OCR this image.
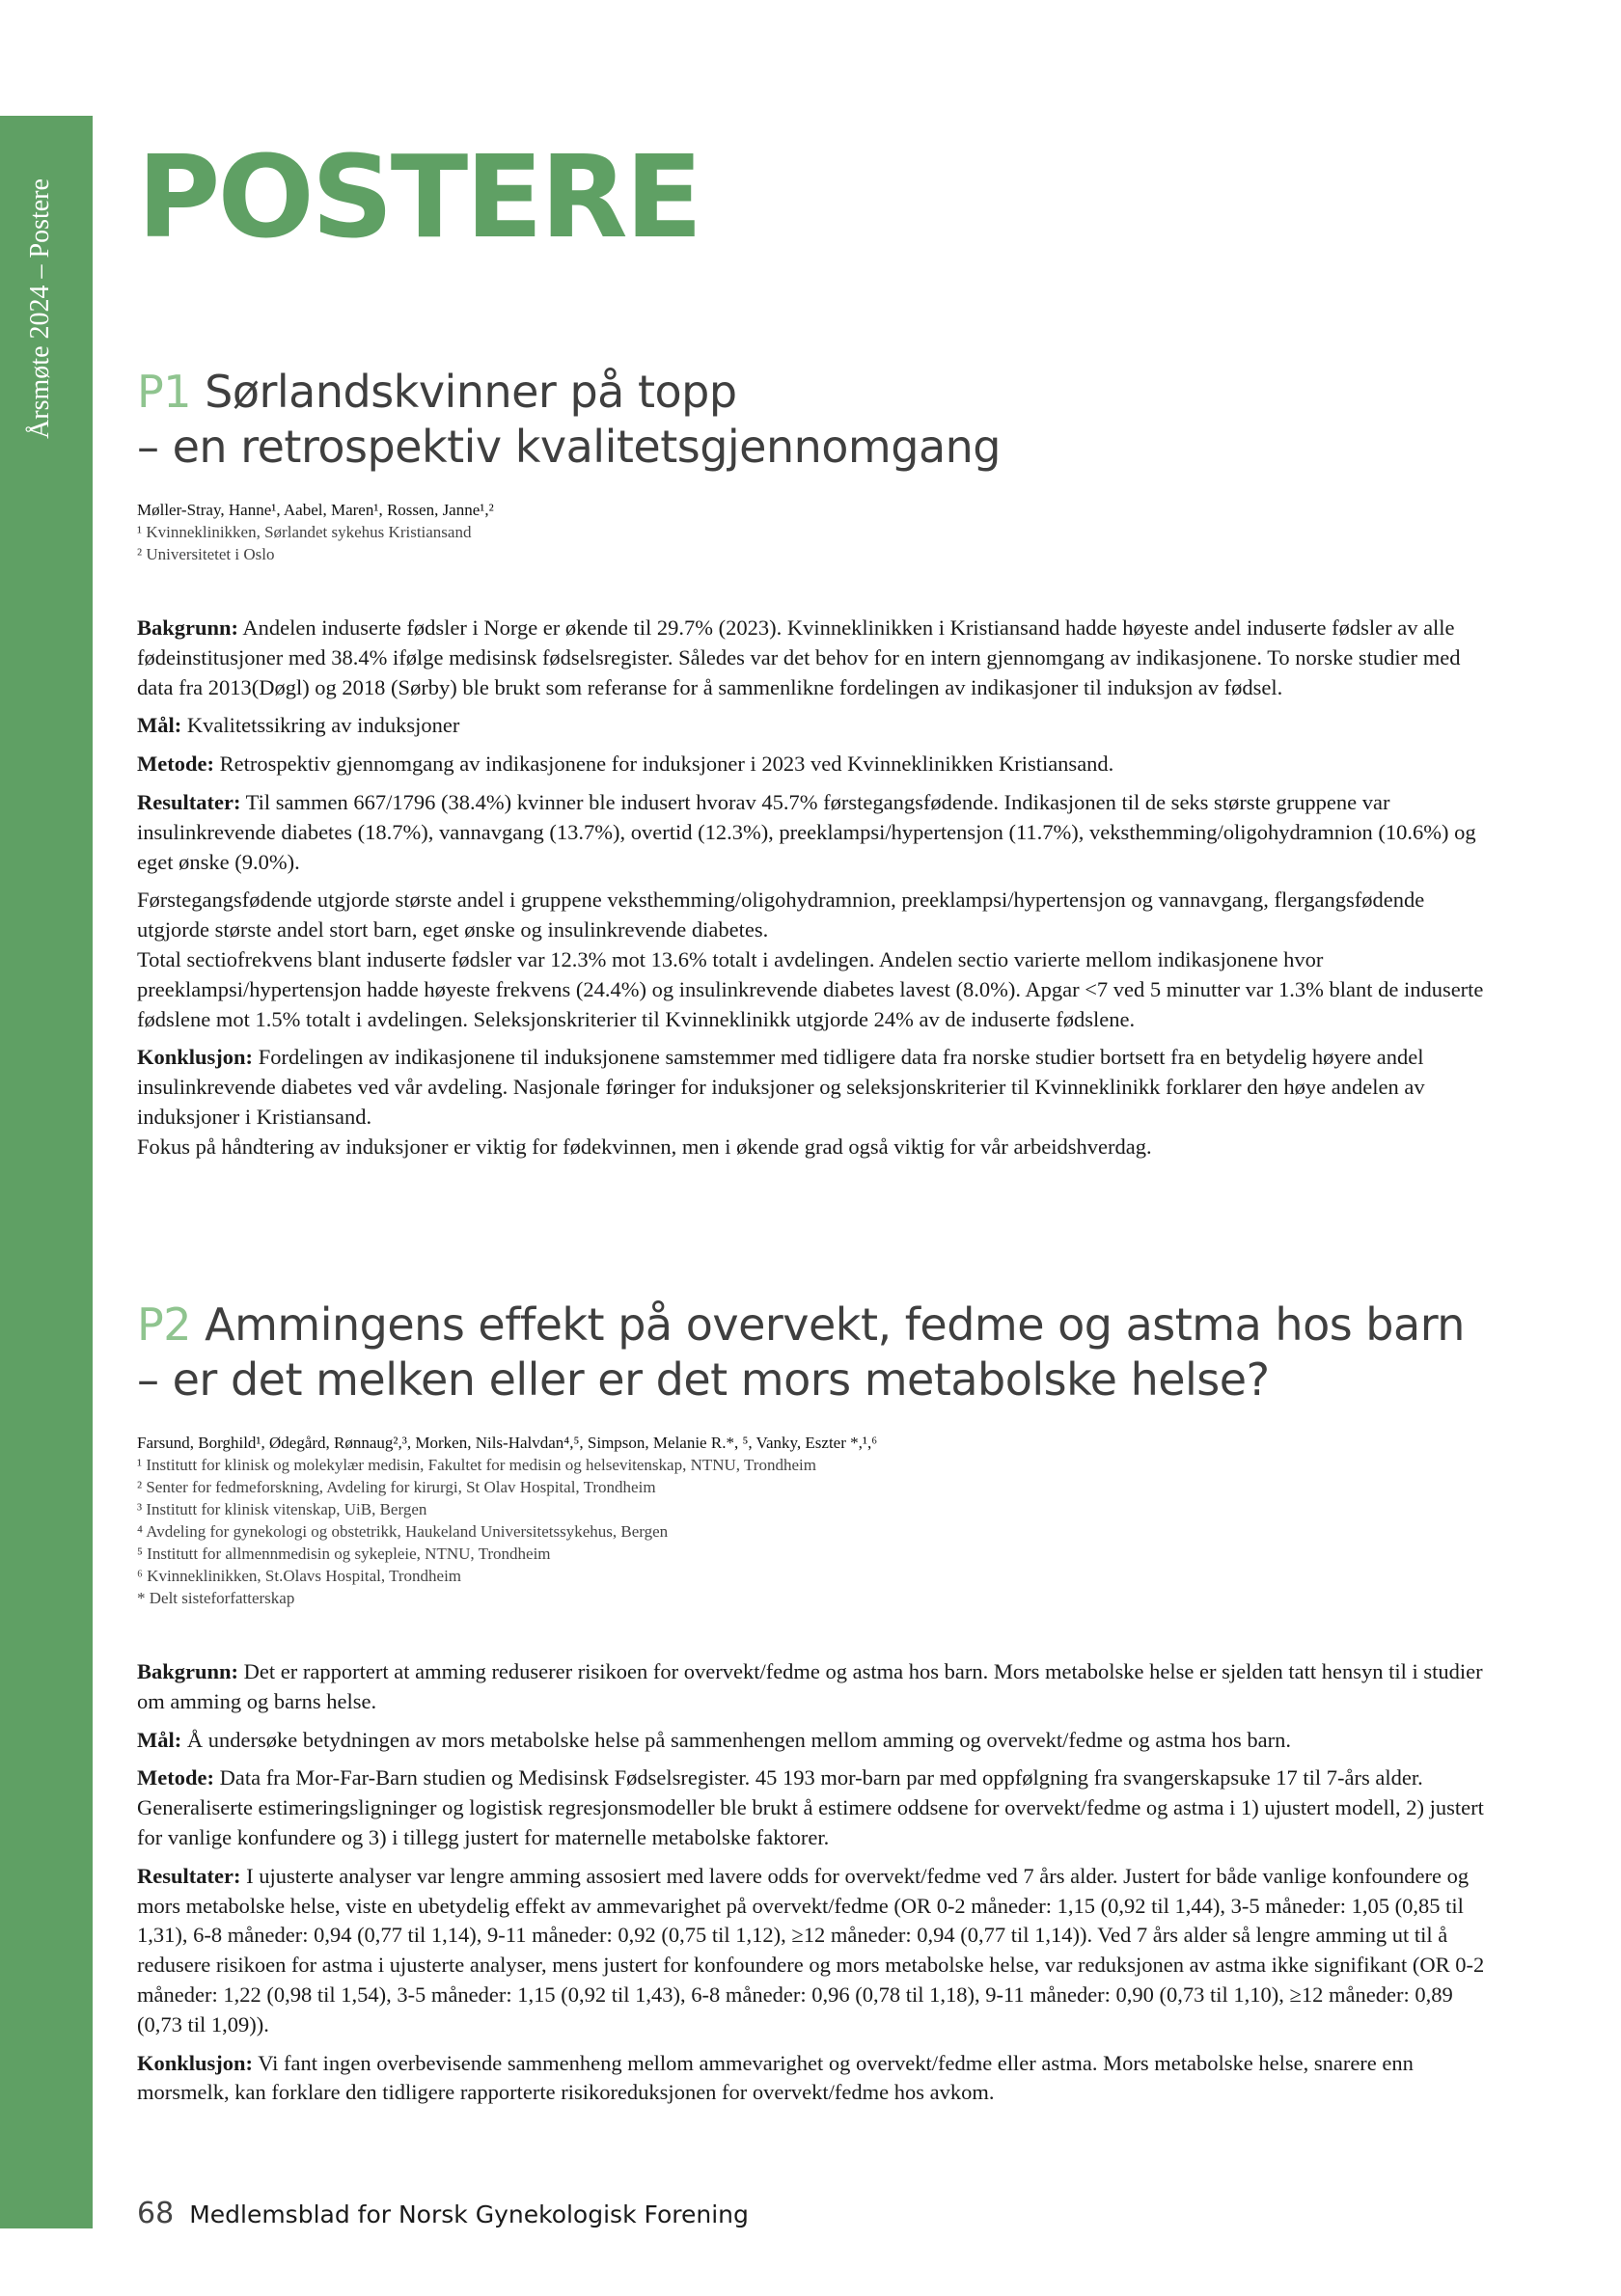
Årsmøte 2024 – Postere POSTERE
P1 Sørlandskvinner på topp
– en retrospektiv kvalitetsgjennomgang
Møller-Stray, Hanne¹, Aabel, Maren¹, Rossen, Janne¹,²
¹ Kvinneklinikken, Sørlandet sykehus Kristiansand
² Universitetet i Oslo

Bakgrunn: Andelen induserte fødsler i Norge er økende til 29.7% (2023). Kvinneklinikken i Kristiansand hadde høyeste andel induserte fødsler av alle fødeinstitusjoner med 38.4% ifølge medisinsk fødselsregister. Således var det behov for en intern gjennomgang av indikasjonene. To norske studier med data fra 2013(Døgl) og 2018 (Sørby) ble brukt som referanse for å sammenlikne fordelingen av indikasjoner til induksjon av fødsel.

Mål: Kvalitetssikring av induksjoner

Metode: Retrospektiv gjennomgang av indikasjonene for induksjoner i 2023 ved Kvinneklinikken Kristiansand.

Resultater: Til sammen 667/1796 (38.4%) kvinner ble indusert hvorav 45.7% førstegangsfødende. Indikasjonen til de seks største gruppene var insulinkrevende diabetes (18.7%), vannavgang (13.7%), overtid (12.3%), preeklampsi/hypertensjon (11.7%), veksthemming/oligohydramnion (10.6%) og eget ønske (9.0%).

Førstegangsfødende utgjorde største andel i gruppene veksthemming/oligohydramnion, preeklampsi/hypertensjon og vannavgang, flergangsfødende utgjorde største andel stort barn, eget ønske og insulinkrevende diabetes.

Total sectiofrekvens blant induserte fødsler var 12.3% mot 13.6% totalt i avdelingen. Andelen sectio varierte mellom indikasjonene hvor preeklampsi/hypertensjon hadde høyeste frekvens (24.4%) og insulinkrevende diabetes lavest (8.0%). Apgar <7 ved 5 minutter var 1.3% blant de induserte fødslene mot 1.5% totalt i avdelingen. Seleksjonskriterier til Kvinneklinikk utgjorde 24% av de induserte fødslene.

Konklusjon: Fordelingen av indikasjonene til induksjonene samstemmer med tidligere data fra norske studier bortsett fra en betydelig høyere andel insulinkrevende diabetes ved vår avdeling. Nasjonale føringer for induksjoner og seleksjonskriterier til Kvinneklinikk forklarer den høye andelen av induksjoner i Kristiansand.

Fokus på håndtering av induksjoner er viktig for fødekvinnen, men i økende grad også viktig for vår arbeidshverdag.

P2 Ammingens effekt på overvekt, fedme og astma hos barn
– er det melken eller er det mors metabolske helse?
Farsund, Borghild¹, Ødegård, Rønnaug²,³, Morken, Nils-Halvdan⁴,⁵, Simpson, Melanie R.*, ⁵, Vanky, Eszter *,¹,⁶
¹ Institutt for klinisk og molekylær medisin, Fakultet for medisin og helsevitenskap, NTNU, Trondheim
² Senter for fedmeforskning, Avdeling for kirurgi, St Olav Hospital, Trondheim
³ Institutt for klinisk vitenskap, UiB, Bergen
⁴ Avdeling for gynekologi og obstetrikk, Haukeland Universitetssykehus, Bergen
⁵ Institutt for allmennmedisin og sykepleie, NTNU, Trondheim
⁶ Kvinneklinikken, St.Olavs Hospital, Trondheim
* Delt sisteforfatterskap

Bakgrunn: Det er rapportert at amming reduserer risikoen for overvekt/fedme og astma hos barn. Mors metabolske helse er sjelden tatt hensyn til i studier om amming og barns helse.

Mål: Å undersøke betydningen av mors metabolske helse på sammenhengen mellom amming og overvekt/fedme og astma hos barn.

Metode: Data fra Mor-Far-Barn studien og Medisinsk Fødselsregister. 45 193 mor-barn par med oppfølgning fra svangerskapsuke 17 til 7-års alder. Generaliserte estimeringsligninger og logistisk regresjonsmodeller ble brukt å estimere oddsene for overvekt/fedme og astma i 1) ujustert modell, 2) justert for vanlige konfundere og 3) i tillegg justert for maternelle metabolske faktorer.

Resultater: I ujusterte analyser var lengre amming assosiert med lavere odds for overvekt/fedme ved 7 års alder. Justert for både vanlige konfoundere og mors metabolske helse, viste en ubetydelig effekt av ammevarighet på overvekt/fedme (OR 0-2 måneder: 1,15 (0,92 til 1,44), 3-5 måneder: 1,05 (0,85 til 1,31), 6-8 måneder: 0,94 (0,77 til 1,14), 9-11 måneder: 0,92 (0,75 til 1,12), ≥12 måneder: 0,94 (0,77 til 1,14)). Ved 7 års alder så lengre amming ut til å redusere risikoen for astma i ujusterte analyser, mens justert for konfoundere og mors metabolske helse, var reduksjonen av astma ikke signifikant (OR 0-2 måneder: 1,22 (0,98 til 1,54), 3-5 måneder: 1,15 (0,92 til 1,43), 6-8 måneder: 0,96 (0,78 til 1,18), 9-11 måneder: 0,90 (0,73 til 1,10), ≥12 måneder: 0,89 (0,73 til 1,09)).

Konklusjon: Vi fant ingen overbevisende sammenheng mellom ammevarighet og overvekt/fedme eller astma. Mors metabolske helse, snarere enn morsmelk, kan forklare den tidligere rapporterte risikoreduksjonen for overvekt/fedme hos avkom.

68 Medlemsblad for Norsk Gynekologisk Forening
